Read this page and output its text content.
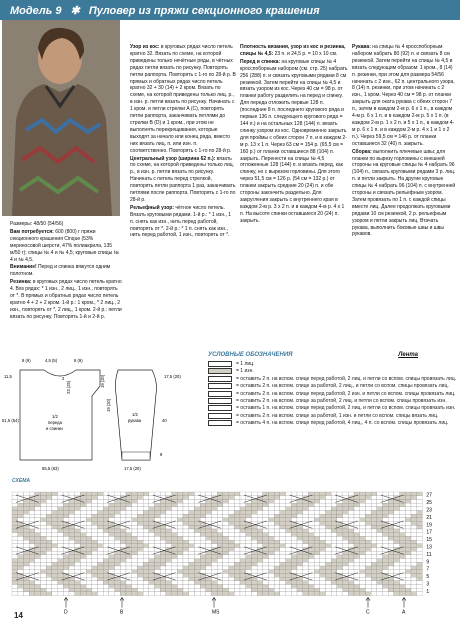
Модель 9 ✱ Пуловер из пряжи секционного крашения

Размеры: 48/50 (54/56)

Вам потребуется: 600 (800) г пряжи секционного крашения Cinque (53% мериносовой шерсти, 47% полиакрила, 135 м/50 г); спицы № 4 и № 4,5; круговые спицы № 4 и № 4,5.

Внимание! Перед и спинка вяжутся одним полотном.

Резинка: в круговых рядах число петель кратно 4. Вяз рядах: * 1 изн., 2 лиц., 1 изн., повторять от *. В прямых и обратных рядах число петель кратно 4 + 2 + 2 кром. 1-й р.: 1 кром., * 2 лиц., 2 изн., повторять от *, 2 лиц., 1 кром. 2-й р.: петли вязать по рисунку. Повторять 1-й и 2-й р.

Узор из кос: в круговых рядах число петель кратно 32. Вязать по схеме, на которой приведены только нечётные ряды, в чётных рядах петли вязать по рисунку. Повторять петли раппорта. Повторять с 1-го по 28-й р. В прямых и обратных рядах число петель кратно 32 + 30 (14) + 2 кром. Вязать по схеме, на которой приведены только лиц. р., в изн. р. петли вязать по рисунку. Начинать с 1 кром. и петли стрелки A (C), повторять петли раппорта, заканчивать петлями до стрелки B (D) и 1 кром., при этом не выполнять перекрещивания, которые выходят за начало или конец ряда, вместо них вязать лиц. п. или изн. п. соответственно. Повторять с 1-го по 28-й р.

Центральный узор (ширина 62 п.): вязать по схеме, на которой приведены только лиц. р., в изн. р. петли вязать по рисунку. Начинать с петель перед стрелкой, повторять петли раппорта 1 раз, заканчивать петлями после раппорта. Повторять с 1-го по 28-й р.

Рельефный узор: чётное число петель. Вязать круговыми рядами. 1-й р.: * 1 изн., 1 п. снять как изн., нить перед работой, повторять от *. 2-й р.: * 1 п. снять как изн., нить перед работой, 1 изн., повторять от *.

Плотность вязания, узор из кос и резинка, спицы № 4,5: 23 п. и 24,5 р. = 10 х 10 см.

Перед и спинка: на круговые спицы № 4 кросспоборным набором (см. стр. 25) набрать 256 (288) п. и связать круговыми рядами 8 см резинкой. Затем перейти на спицы № 4,5 и вязать узором из кос. Через 40 см = 98 р. от планки работу разделить на перед и спинку. Для переда отложить первые 128 п. (последние 8 п. последнего кругового ряда и первые 136 п. следующего кругового ряда = 144 п.) и на остальных 128 (144) п. вязать спинку узором из кос. Одновременно закрыть для проймы с обеих сторон 7 п. и в каждом 2-м р. 13 х 1 п. Через 63 см = 154 р. (65,5 см = 160 р.) от планки оставшиеся 88 (104) п. закрыть. Перенести на спицы № 4,5 отложенные 128 (144) п. и вязать перед, как спинку, но с вырезом горловины. Для этого через 51,5 см = 126 р. (54 см = 132 р.) от планки закрыть средние 20 (24) п. и обе стороны закончить раздельно. Для закругления закрыть с внутреннего края в каждом 2-м р. 3 х 2 п. и в каждом 4-м р. 4 х 1 п. На высоте спинки оставшиеся 20 (24) п. закрыть.

Рукава: на спицы № 4 кросспоборным набором набрать 80 (92) п. и связать 8 см резинкой. Затем перейти на спицы № 4,5 и вязать следующим образом: 1 кром., 8 (14) п. резинки, при этом для размера 54/56 начинать с 2 изн., 62 п. центрального узора, 8 (14) п. резинки, при этом начинать с 2 изн., 1 кром. Через 40 см = 98 р. от планки закрыть для оката рукава с обеих сторон 7 п., затем в каждом 2-м р. 6 х 1 п., в каждом 4-м р. 6 х 1 п. и в каждом 2-м р. 5 х 1 п. (в каждом 2-м р. 1 х 2 п. и 5 х 1 п., в каждом 4-м р. 6 х 1 п. и в каждом 2-м р. 4 х 1 и 1 х 2 п.). Через 59,5 см = 146 р. от планки оставшиеся 32 (40) п. закрыть.

Сборка: выполнить плечевые швы; для планки по вырезу горловины с внешней стороны на круговые спицы № 4 набрать 96 (104) п., связать круговыми рядами 3 р. лиц. п. и петли закрыть. На другие круговые спицы № 4 набрать 96 (104) п. с внутренней стороны и связать рельефным узором. Затем провязать по 1 п. с каждой спицы вместе лиц. Далее продолжать круговыми рядами 10 см резинкой, 2 р. рельефным узором и петли закрыть лиц. Втачать рукава, выполнить боковые швы и швы рукавов.

8 (9)	4,5 (5)	8 (9)
2
23 (25)
11,5
51,5 (54)
19 (20)	17,5 (20)
40
19 (20)
8
55,5 (63)	17,5 (20)
1/2
переда
и спинки
1/2
рукава
УСЛОВНЫЕ ОБОЗНАЧЕНИЯ	Лента
= 1 лиц.
= 1 изн.
= оставить 2 п. на вспом. спице перед работой, 2 лиц. и петли со вспом. спицы провязать лиц.
= оставить 2 п. на вспом. спице за работой, 2 лиц., и петли со вспом. спицы провязать лиц.
= оставить 2 п. на вспом. спице перед работой, 2 изн. и петли со вспом. спицы провязать лиц.
= оставить 2 п. на вспом. спице за работой, 2 лиц. и петли со вспом. спицы провязать изн.
= оставить 1 п. на вспом. спице перед работой, 2 лиц. и петли со вспом. спицы провязать изн.
= оставить 2 п. на вспом. спице за работой, 1 изн. и петли со вспом. спицы вязать лиц.
= оставить 4 п. на вспом. спице перед работой, 4 лиц., 4 п. со вспом. спицы провязать лиц.
СХЕМА
27
25
23
21
19
17
15
13
11
9
7
5
3
1
D	B	MS	C	A
14
